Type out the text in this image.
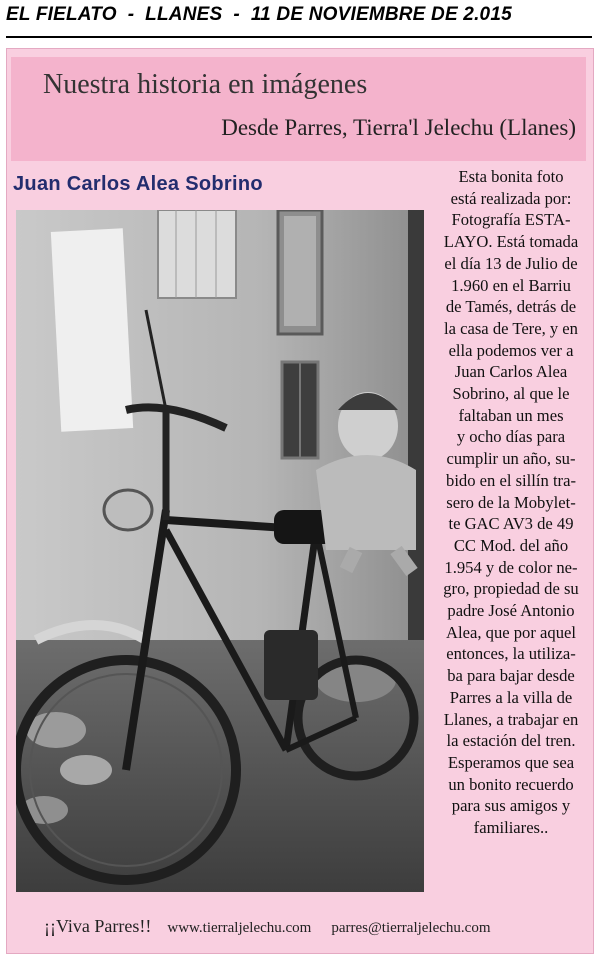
EL FIELATO  -  LLANES  -  11 DE NOVIEMBRE DE 2.015
Nuestra historia en imágenes
Desde Parres, Tierra'l Jelechu (Llanes)
Juan Carlos Alea Sobrino	Esta bonita foto
está realizada por:
Fotografía ESTA-
LAYO. Está tomada
el día 13 de Julio de
1.960 en el Barriu
de Tamés, detrás de
la casa de Tere, y en
ella podemos ver a
Juan Carlos Alea
Sobrino, al que le
faltaban un mes
y ocho días para
cumplir un año, su-
bido en el sillín tra-
sero de la Mobylet-
te GAC AV3 de 49
CC Mod. del año
1.954 y de color ne-
gro, propiedad de su
padre José Antonio
Alea, que por aquel
entonces, la utiliza-
ba para bajar desde
Parres a la villa de
Llanes, a trabajar en
la estación del tren.
Esperamos que sea
un bonito recuerdo
para sus amigos y
familiares..
¡¡Viva Parres!! www.tierraljelechu.com parres@tierraljelechu.com
